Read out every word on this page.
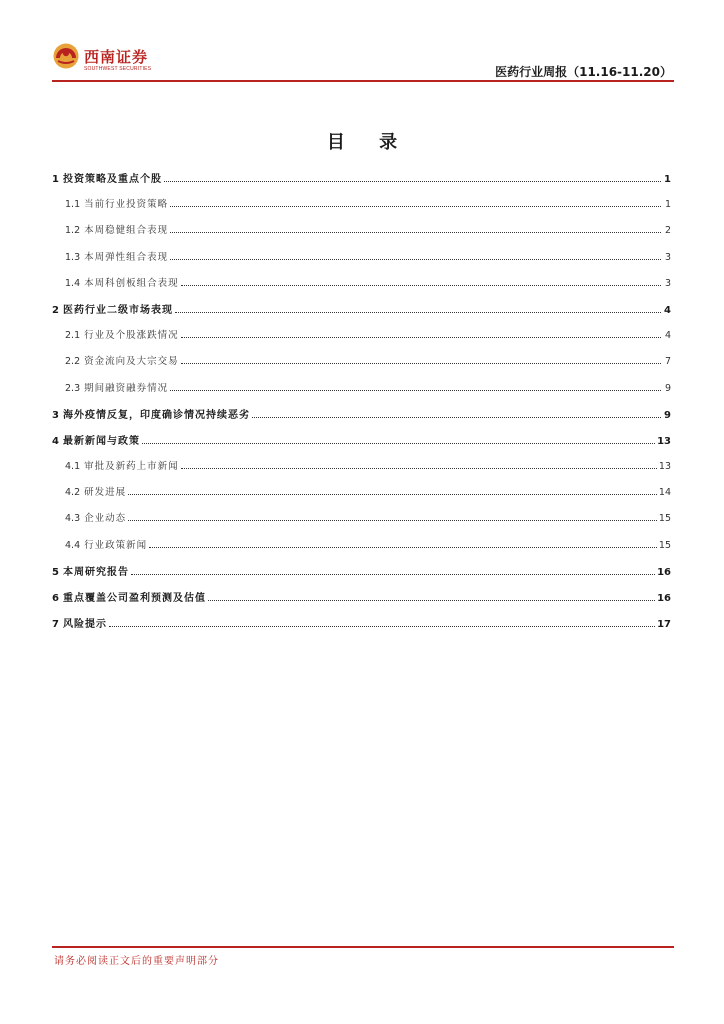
西南证券
SOUTHWEST SECURITIES	医药行业周报（11.16-11.20）
目 录
1 投资策略及重点个股	1
1.1 当前行业投资策略	1
1.2 本周稳健组合表现	2
1.3 本周弹性组合表现	3
1.4 本周科创板组合表现	3
2 医药行业二级市场表现	4
2.1 行业及个股涨跌情况	4
2.2 资金流向及大宗交易	7
2.3 期间融资融券情况	9
3 海外疫情反复，印度确诊情况持续恶劣	9
4 最新新闻与政策	13
4.1 审批及新药上市新闻	13
4.2 研发进展	14
4.3 企业动态	15
4.4 行业政策新闻	15
5 本周研究报告	16
6 重点覆盖公司盈利预测及估值	16
7 风险提示	17
请务必阅读正文后的重要声明部分
